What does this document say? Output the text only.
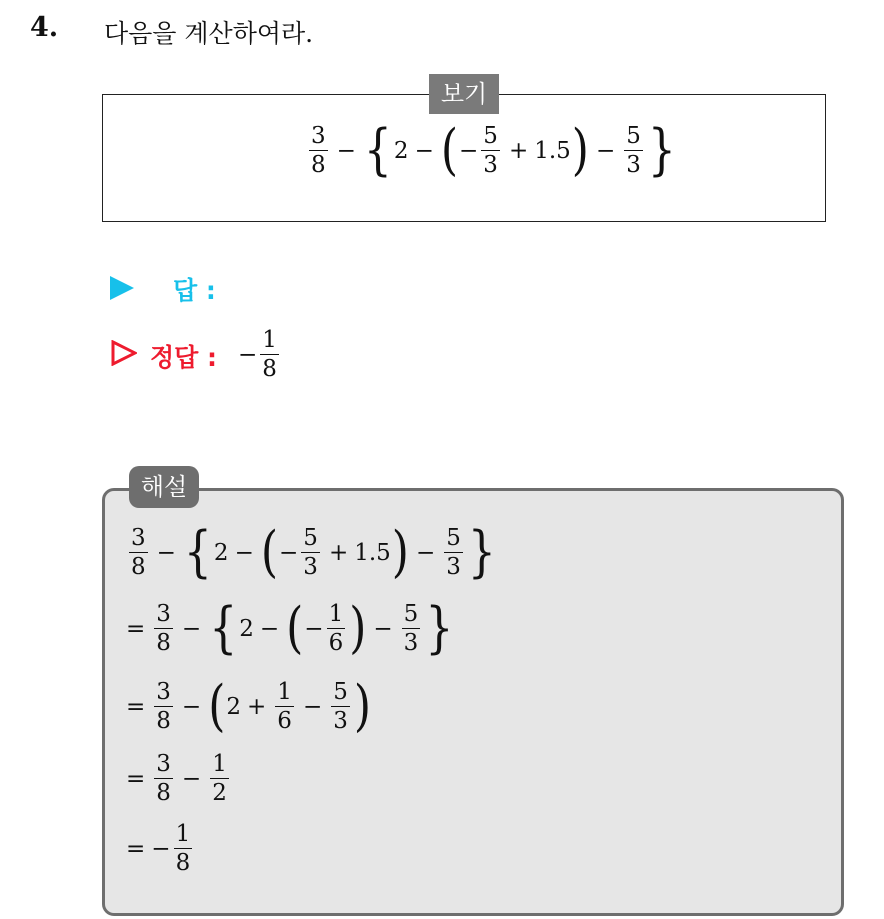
4. 다음을 계산하여라.
보기
$\frac{3}{8}$ − { 2 − ( − $\frac{5}{3} + 1.5$ ) − $\frac{5}{3}$ }
답 :
정답 : − $\frac{1}{8}$
해설
$\frac{3}{8}$ − { 2 − ( − $\frac{5}{3} + 1.5$ ) − $\frac{5}{3}$ }
= $\frac{3}{8}$ − { 2 − ( − $\frac{1}{6}$ ) − $\frac{5}{3}$ }
= $\frac{3}{8}$ − ( $2 + \frac{1}{6} - \frac{5}{3}$ )
= $\frac{3}{8} - \frac{1}{2}$
= − $\frac{1}{8}$
